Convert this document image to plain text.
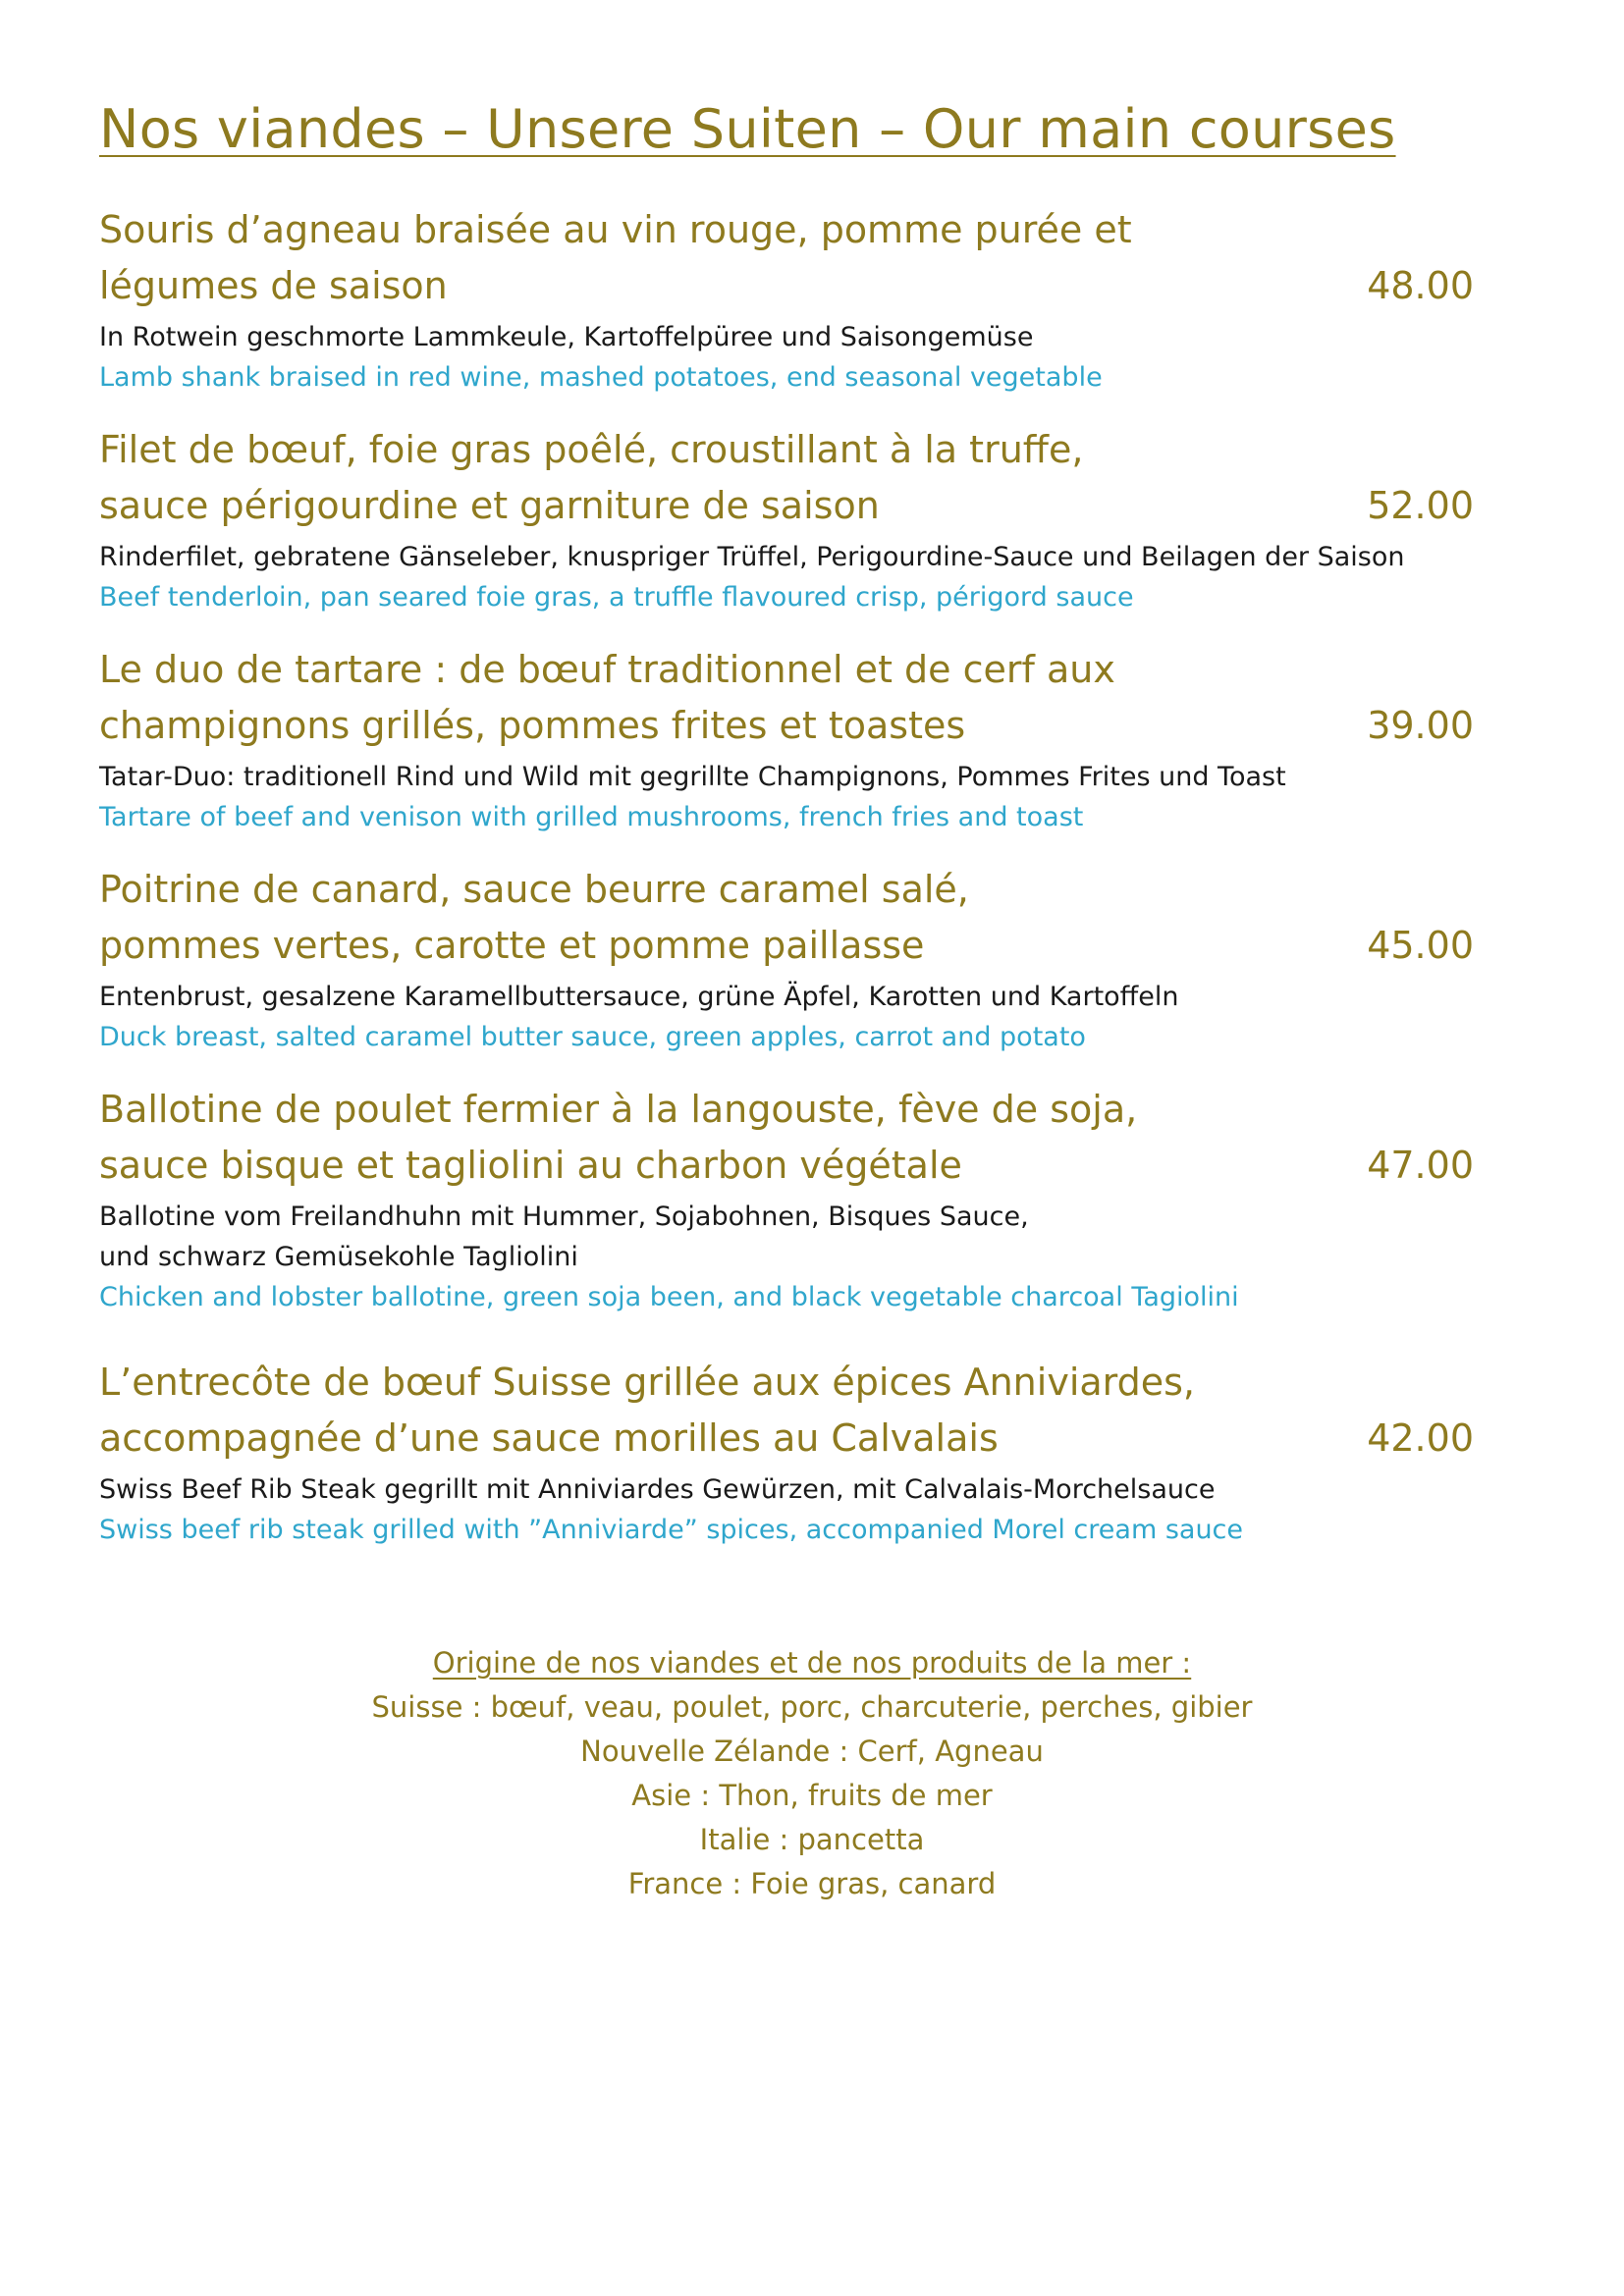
Nos viandes – Unsere Suiten – Our main courses
Souris d’agneau braisée au vin rouge, pomme purée et
légumes de saison	48.00
In Rotwein geschmorte Lammkeule, Kartoffelpüree und Saisongemüse
Lamb shank braised in red wine, mashed potatoes, end seasonal vegetable
Filet de bœuf, foie gras poêlé, croustillant à la truffe,
sauce périgourdine et garniture de saison	52.00
Rinderfilet, gebratene Gänseleber, knuspriger Trüffel, Perigourdine-Sauce und Beilagen der Saison
Beef tenderloin, pan seared foie gras, a truffle flavoured crisp, périgord sauce
Le duo de tartare : de bœuf traditionnel et de cerf aux
champignons grillés, pommes frites et toastes	39.00
Tatar-Duo: traditionell Rind und Wild mit gegrillte Champignons, Pommes Frites und Toast
Tartare of beef and venison with grilled mushrooms, french fries and toast
Poitrine de canard, sauce beurre caramel salé,
pommes vertes, carotte et pomme paillasse	45.00
Entenbrust, gesalzene Karamellbuttersauce, grüne Äpfel, Karotten und Kartoffeln
Duck breast, salted caramel butter sauce, green apples, carrot and potato
Ballotine de poulet fermier à la langouste, fève de soja,
sauce bisque et tagliolini au charbon végétale	47.00
Ballotine vom Freilandhuhn mit Hummer, Sojabohnen, Bisques Sauce,
und schwarz Gemüsekohle Tagliolini
Chicken and lobster ballotine, green soja been, and black vegetable charcoal Tagiolini
L’entrecôte de bœuf Suisse grillée aux épices Anniviardes,
accompagnée d’une sauce morilles au Calvalais	42.00
Swiss Beef Rib Steak gegrillt mit Anniviardes Gewürzen, mit Calvalais-Morchelsauce
Swiss beef rib steak grilled with ”Anniviarde” spices, accompanied Morel cream sauce
Origine de nos viandes et de nos produits de la mer :
Suisse : bœuf, veau, poulet, porc, charcuterie, perches, gibier
Nouvelle Zélande : Cerf, Agneau
Asie : Thon, fruits de mer
Italie : pancetta
France : Foie gras, canard
